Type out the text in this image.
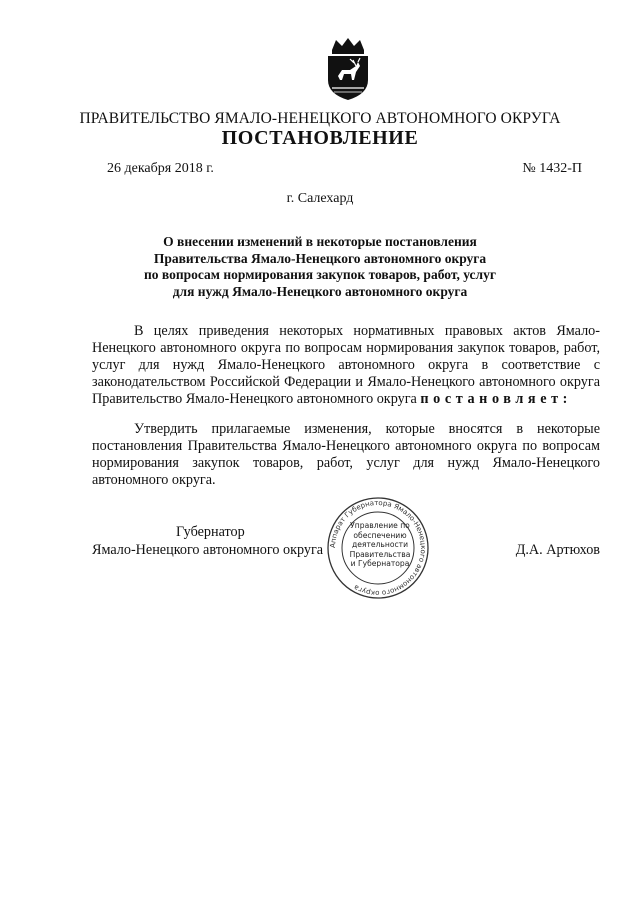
ПРАВИТЕЛЬСТВО ЯМАЛО-НЕНЕЦКОГО АВТОНОМНОГО ОКРУГА
ПОСТАНОВЛЕНИЕ
26 декабря 2018 г.	№ 1432-П
г. Салехард
О внесении изменений в некоторые постановления
Правительства Ямало-Ненецкого автономного округа
по вопросам нормирования закупок товаров, работ, услуг
для нужд Ямало-Ненецкого автономного округа
В целях приведения некоторых нормативных правовых актов Ямало-Ненецкого автономного округа по вопросам нормирования закупок товаров, работ, услуг для нужд Ямало-Ненецкого автономного округа в соответствие с законодательством Российской Федерации и Ямало-Ненецкого автономного округа Правительство Ямало-Ненецкого автономного округа постановляет:
Утвердить прилагаемые изменения, которые вносятся в некоторые постановления Правительства Ямало-Ненецкого автономного округа по вопросам нормирования закупок товаров, работ, услуг для нужд Ямало-Ненецкого автономного округа.
Губернатор
Ямало-Ненецкого автономного округа	Д.А. Артюхов
Аппарат Губернатора Ямало-Ненецкого автономного округа
Управление по
обеспечению
деятельности
Правительства
и Губернатора
